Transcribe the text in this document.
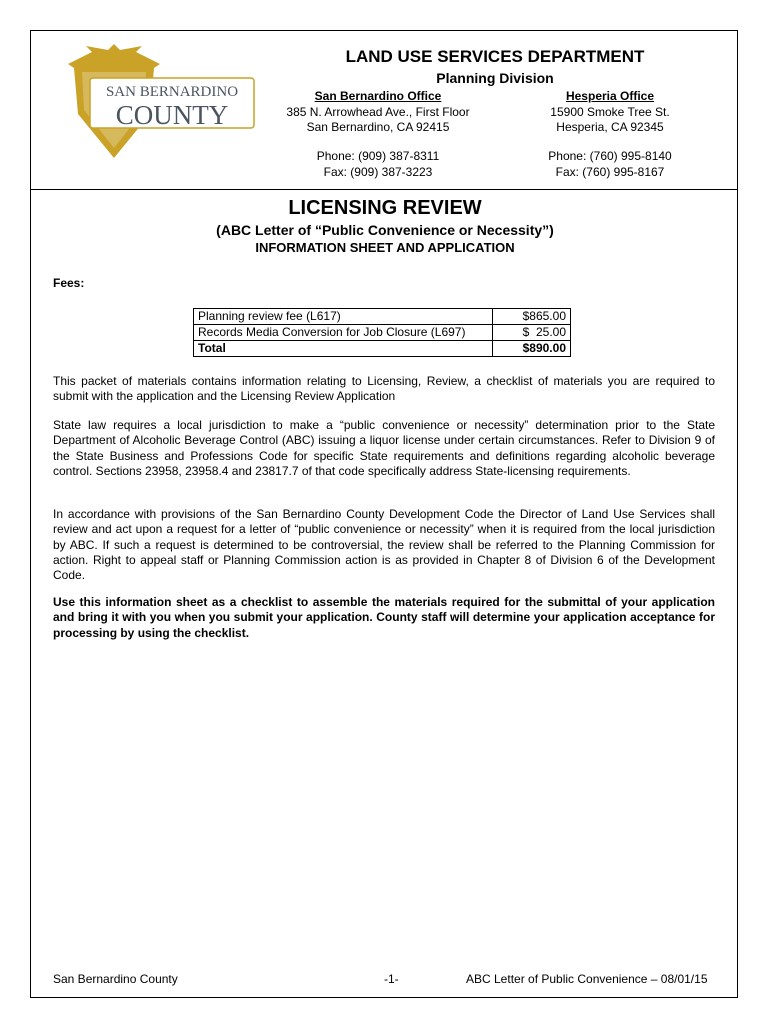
SAN BERNARDINO
COUNTY
LAND USE SERVICES DEPARTMENT
Planning Division
San Bernardino Office
385 N. Arrowhead Ave., First Floor
San Bernardino, CA 92415
Hesperia Office
15900 Smoke Tree St.
Hesperia, CA 92345
Phone: (909) 387-8311
Fax: (909) 387-3223
Phone: (760) 995-8140
Fax: (760) 995-8167
LICENSING REVIEW
(ABC Letter of “Public Convenience or Necessity”)
INFORMATION SHEET AND APPLICATION
Fees:
Planning review fee (L617)	$865.00
Records Media Conversion for Job Closure (L697)	$  25.00
Total	$890.00
This packet of materials contains information relating to Licensing, Review, a checklist of materials you are required to submit with the application and the Licensing Review Application
State law requires a local jurisdiction to make a “public convenience or necessity” determination prior to the State Department of Alcoholic Beverage Control (ABC) issuing a liquor license under certain circumstances. Refer to Division 9 of the State Business and Professions Code for specific State requirements and definitions regarding alcoholic beverage control. Sections 23958, 23958.4 and 23817.7 of that code specifically address State-licensing requirements.
In accordance with provisions of the San Bernardino County Development Code the Director of Land Use Services shall review and act upon a request for a letter of “public convenience or necessity” when it is required from the local jurisdiction by ABC. If such a request is determined to be controversial, the review shall be referred to the Planning Commission for action. Right to appeal staff or Planning Commission action is as provided in Chapter 8 of Division 6 of the Development Code.
Use this information sheet as a checklist to assemble the materials required for the submittal of your application and bring it with you when you submit your application. County staff will determine your application acceptance for processing by using the checklist.
San Bernardino County	-1-	ABC Letter of Public Convenience – 08/01/15
